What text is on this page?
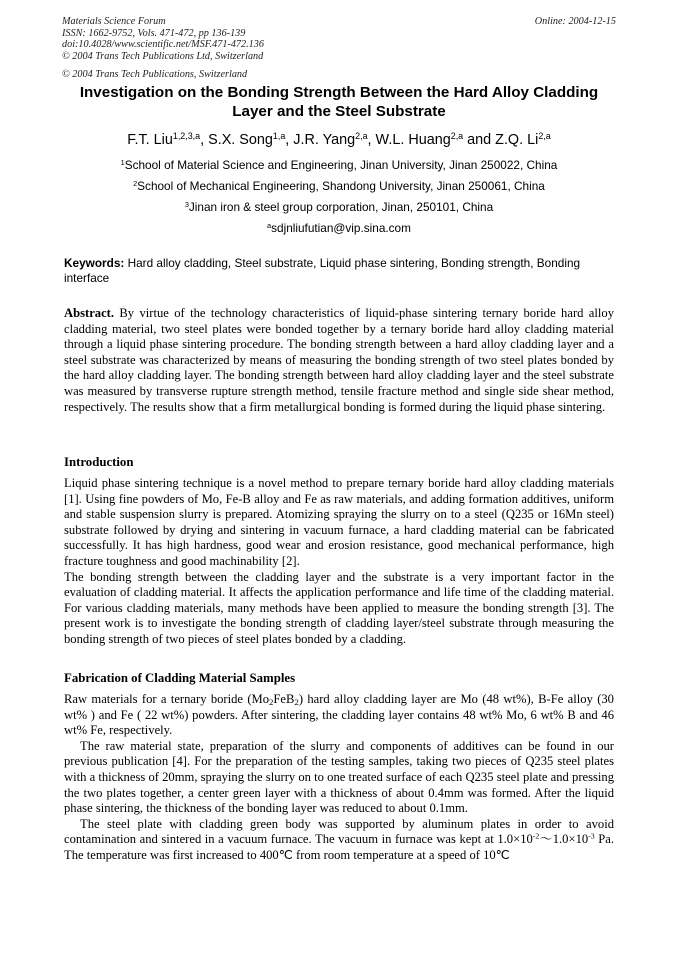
Materials Science Forum
ISSN: 1662-9752, Vols. 471-472, pp 136-139
doi:10.4028/www.scientific.net/MSF.471-472.136
© 2004 Trans Tech Publications Ltd, Switzerland
© 2004 Trans Tech Publications, Switzerland
Online: 2004-12-15
Investigation on the Bonding Strength Between the Hard Alloy Cladding
Layer and the Steel Substrate
F.T. Liu$^{1,2,3,a}$, S.X. Song$^{1,a}$, J.R. Yang$^{2,a}$, W.L. Huang$^{2,a}$ and Z.Q. Li$^{2,a}$
$^1$School of Material Science and Engineering, Jinan University, Jinan 250022, China
$^2$School of Mechanical Engineering, Shandong University, Jinan 250061, China
$^3$Jinan iron & steel group corporation, Jinan, 250101, China
$^a$sdjnliufutian@vip.sina.com
Keywords: Hard alloy cladding, Steel substrate, Liquid phase sintering, Bonding strength, Bonding interface

Abstract. By virtue of the technology characteristics of liquid-phase sintering ternary boride hard alloy cladding material, two steel plates were bonded together by a ternary boride hard alloy cladding material through a liquid phase sintering procedure. The bonding strength between a hard alloy cladding layer and a steel substrate was characterized by means of measuring the bonding strength of two steel plates bonded by the hard alloy cladding layer. The bonding strength between hard alloy cladding layer and the steel substrate was measured by transverse rupture strength method, tensile fracture method and single side shear method, respectively. The results show that a firm metallurgical bonding is formed during the liquid phase sintering.

Introduction

Liquid phase sintering technique is a novel method to prepare ternary boride hard alloy cladding materials [1]. Using fine powders of Mo, Fe-B alloy and Fe as raw materials, and adding formation additives, uniform and stable suspension slurry is prepared. Atomizing spraying the slurry on to a steel (Q235 or 16Mn steel) substrate followed by drying and sintering in vacuum furnace, a hard cladding material can be fabricated successfully. It has high hardness, good wear and erosion resistance, good mechanical performance, high fracture toughness and good machinability [2].

The bonding strength between the cladding layer and the substrate is a very important factor in the evaluation of cladding material. It affects the application performance and life time of the cladding material. For various cladding materials, many methods have been applied to measure the bonding strength [3]. The present work is to investigate the bonding strength of cladding layer/steel substrate through measuring the bonding strength of two pieces of steel plates bonded by a cladding.

Fabrication of Cladding Material Samples

Raw materials for a ternary boride $(Mo_2FeB_2)$ hard alloy cladding layer are Mo (48 wt%), B-Fe alloy (30 wt% ) and Fe ( 22 wt%) powders. After sintering, the cladding layer contains 48 wt% Mo, 6 wt% B and 46 wt% Fe, respectively.

The raw material state, preparation of the slurry and components of additives can be found in our previous publication [4]. For the preparation of the testing samples, taking two pieces of Q235 steel plates with a thickness of 20mm, spraying the slurry on to one treated surface of each Q235 steel plate and pressing the two plates together, a center green layer with a thickness of about 0.4mm was formed. After the liquid phase sintering, the thickness of the bonding layer was reduced to about 0.1mm.

The steel plate with cladding green body was supported by aluminum plates in order to avoid contamination and sintered in a vacuum furnace. The vacuum in furnace was kept at $1.0\times 10^{-2}\sim 1.0\times 10^{-3}$ Pa. The temperature was first increased to 400℃ from room temperature at a speed of 10℃
